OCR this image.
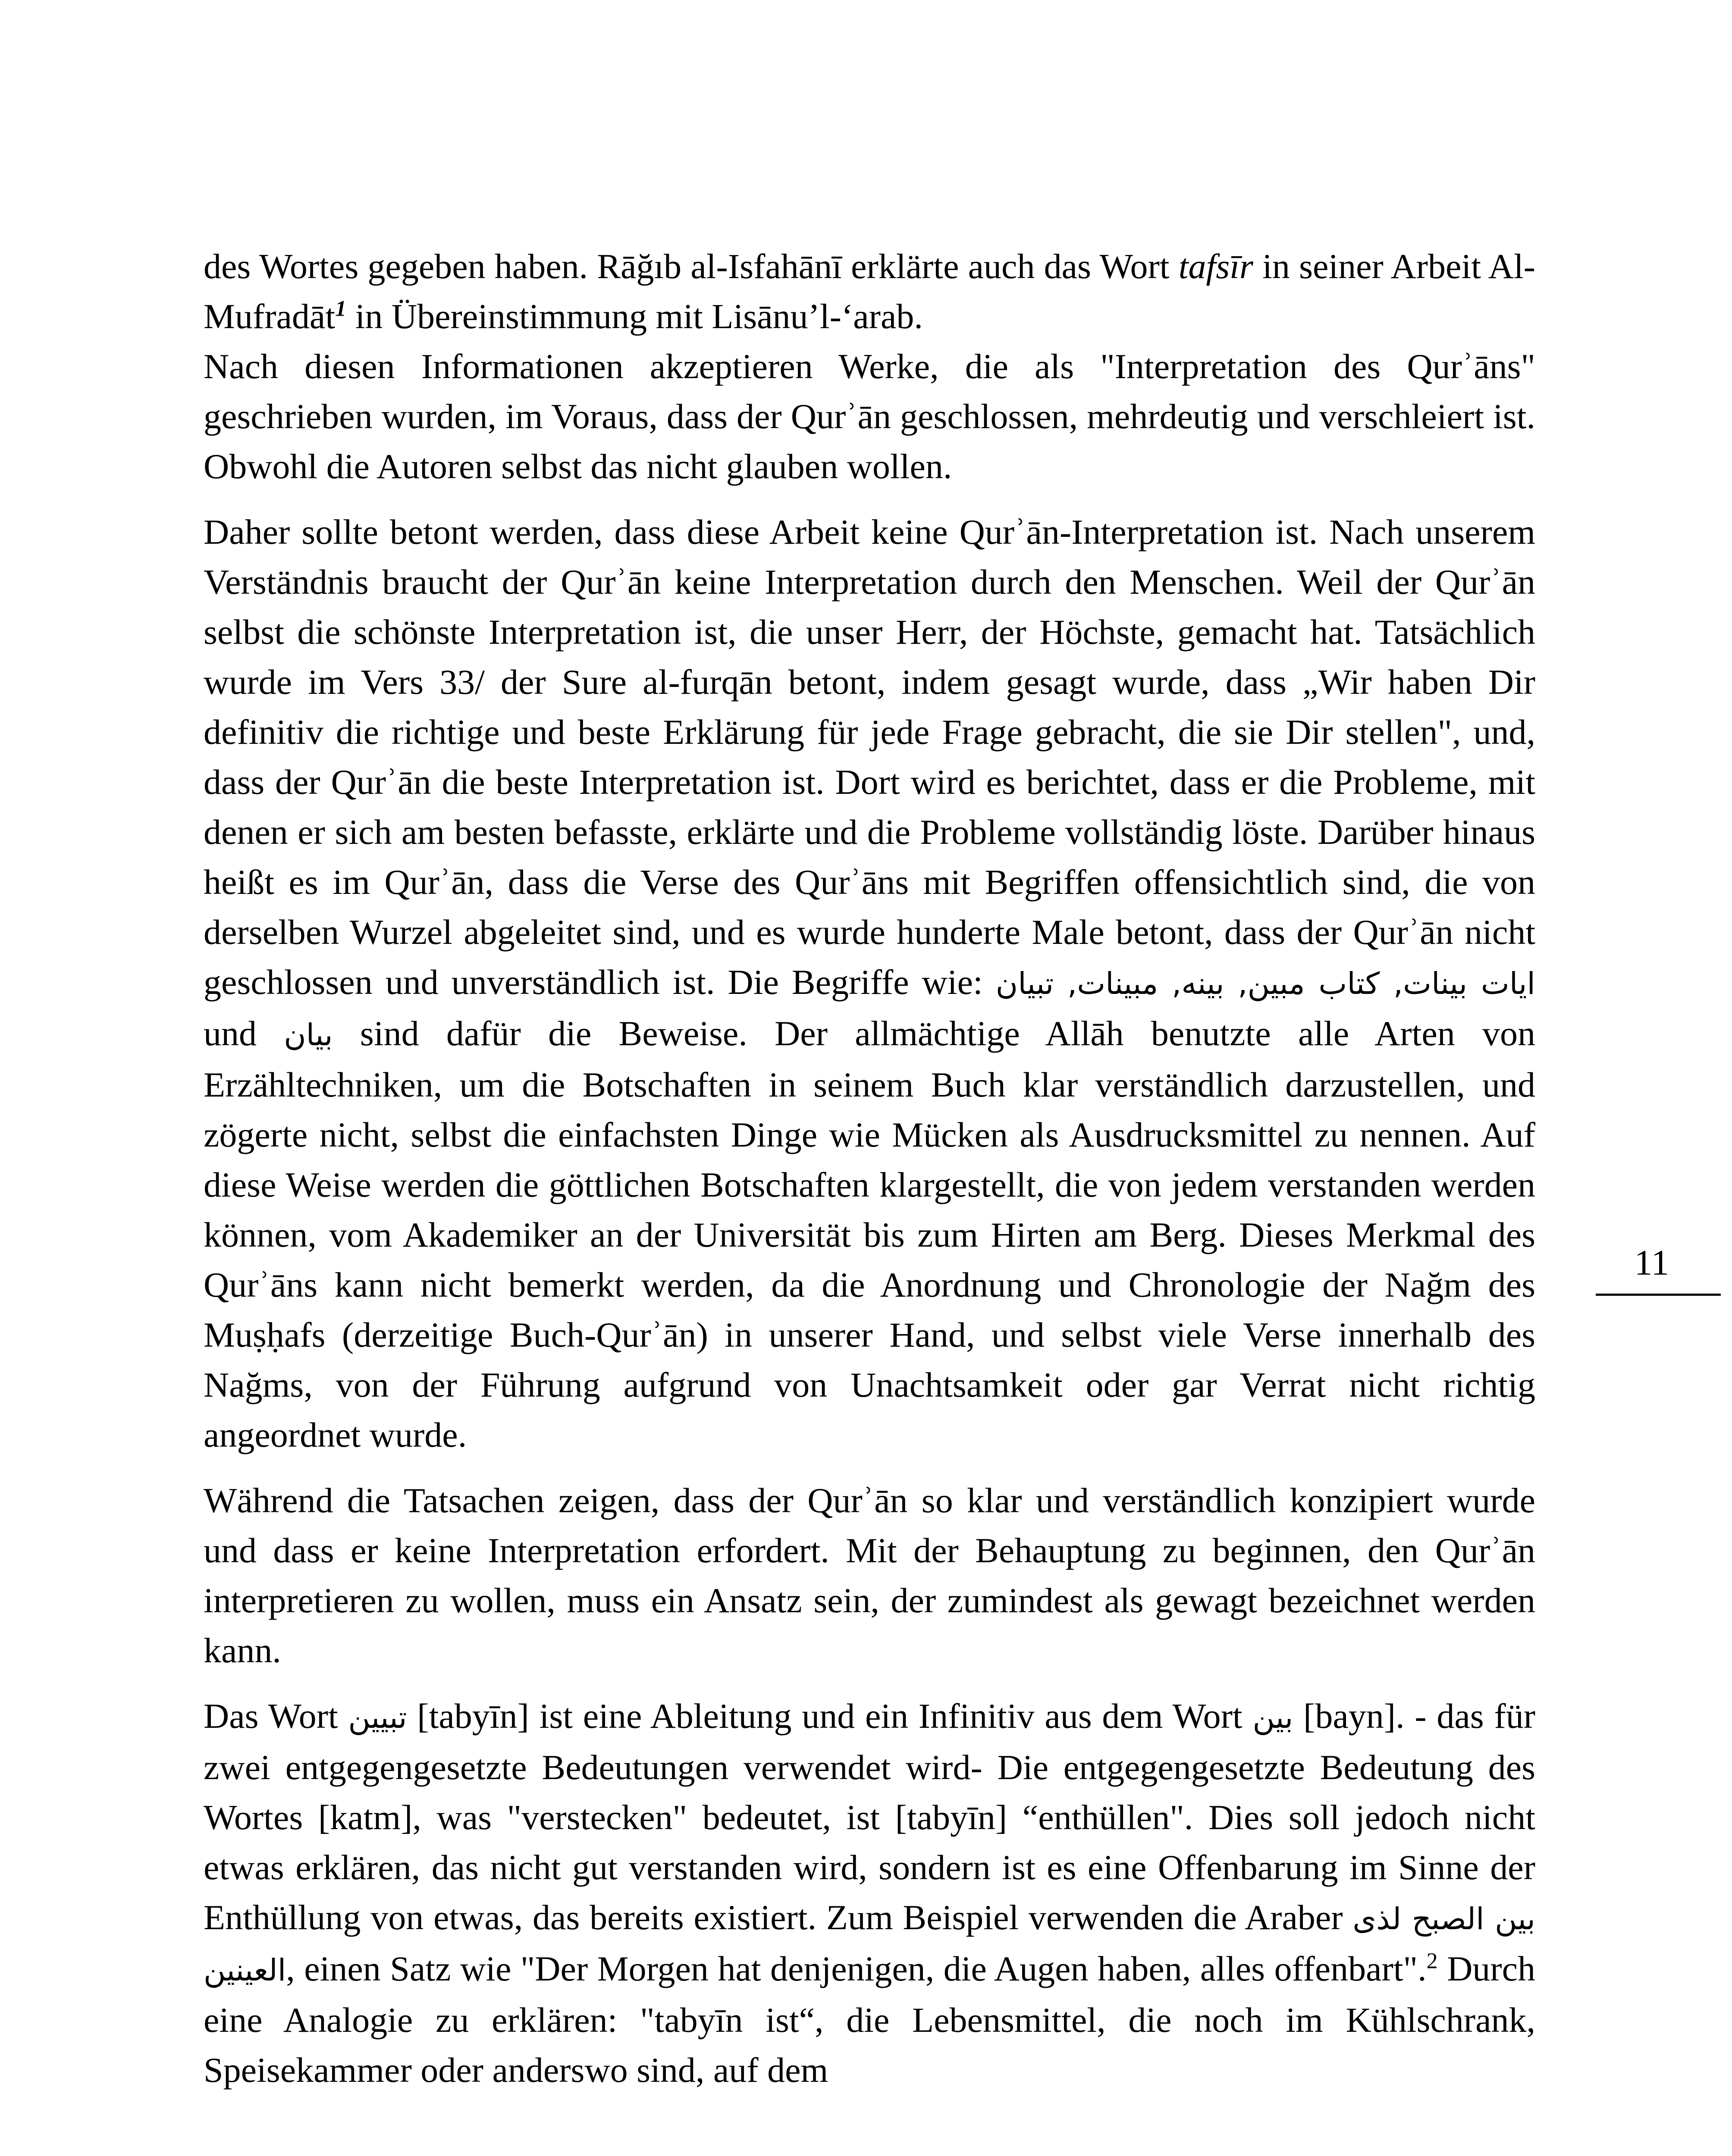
des Wortes gegeben haben. Rāğıb al-Isfahānī erklärte auch das Wort tafsīr in seiner Arbeit Al-Mufradāt$^1$ in Übereinstimmung mit Lisānu’l-‘arab.

Nach diesen Informationen akzeptieren Werke, die als "Interpretation des Qurʾāns" geschrieben wurden, im Voraus, dass der Qurʾān geschlossen, mehrdeutig und verschleiert ist. Obwohl die Autoren selbst das nicht glauben wollen.

Daher sollte betont werden, dass diese Arbeit keine Qurʾān-Interpretation ist. Nach unserem Verständnis braucht der Qurʾān keine Interpretation durch den Menschen. Weil der Qurʾān selbst die schönste Interpretation ist, die unser Herr, der Höchste, gemacht hat. Tatsächlich wurde im Vers 33/ der Sure al-furqān betont, indem gesagt wurde, dass „Wir haben Dir definitiv die richtige und beste Erklärung für jede Frage gebracht, die sie Dir stellen", und, dass der Qurʾān die beste Interpretation ist. Dort wird es berichtet, dass er die Probleme, mit denen er sich am besten befasste, erklärte und die Probleme vollständig löste. Darüber hinaus heißt es im Qurʾān, dass die Verse des Qurʾāns mit Begriffen offensichtlich sind, die von derselben Wurzel abgeleitet sind, und es wurde hunderte Male betont, dass der Qurʾān nicht geschlossen und unverständlich ist. Die Begriffe wie: ايات بينات, كتاب مبين, بينه, مبينات, تبيان und بيان sind dafür die Beweise. Der allmächtige Allāh benutzte alle Arten von Erzähltechniken, um die Botschaften in seinem Buch klar verständlich darzustellen, und zögerte nicht, selbst die einfachsten Dinge wie Mücken als Ausdrucksmittel zu nennen. Auf diese Weise werden die göttlichen Botschaften klargestellt, die von jedem verstanden werden können, vom Akademiker an der Universität bis zum Hirten am Berg. Dieses Merkmal des Qurʾāns kann nicht bemerkt werden, da die Anordnung und Chronologie der Nağm des Muṣḥafs (derzeitige Buch-Qurʾān) in unserer Hand, und selbst viele Verse innerhalb des Nağms, von der Führung aufgrund von Unachtsamkeit oder gar Verrat nicht richtig angeordnet wurde.

Während die Tatsachen zeigen, dass der Qurʾān so klar und verständlich konzipiert wurde und dass er keine Interpretation erfordert. Mit der Behauptung zu beginnen, den Qurʾān interpretieren zu wollen, muss ein Ansatz sein, der zumindest als gewagt bezeichnet werden kann.

Das Wort تبيين [tabyīn] ist eine Ableitung und ein Infinitiv aus dem Wort بين [bayn]. - das für zwei entgegengesetzte Bedeutungen verwendet wird- Die entgegengesetzte Bedeutung des Wortes [katm], was "verstecken" bedeutet, ist [tabyīn] “enthüllen". Dies soll jedoch nicht etwas erklären, das nicht gut verstanden wird, sondern ist es eine Offenbarung im Sinne der Enthüllung von etwas, das bereits existiert. Zum Beispiel verwenden die Araber بين الصبح لذى العينين, einen Satz wie "Der Morgen hat denjenigen, die Augen haben, alles offenbart".$^2$ Durch eine Analogie zu erklären: "tabyīn ist“, die Lebensmittel, die noch im Kühlschrank, Speisekammer oder anderswo sind, auf dem

11
